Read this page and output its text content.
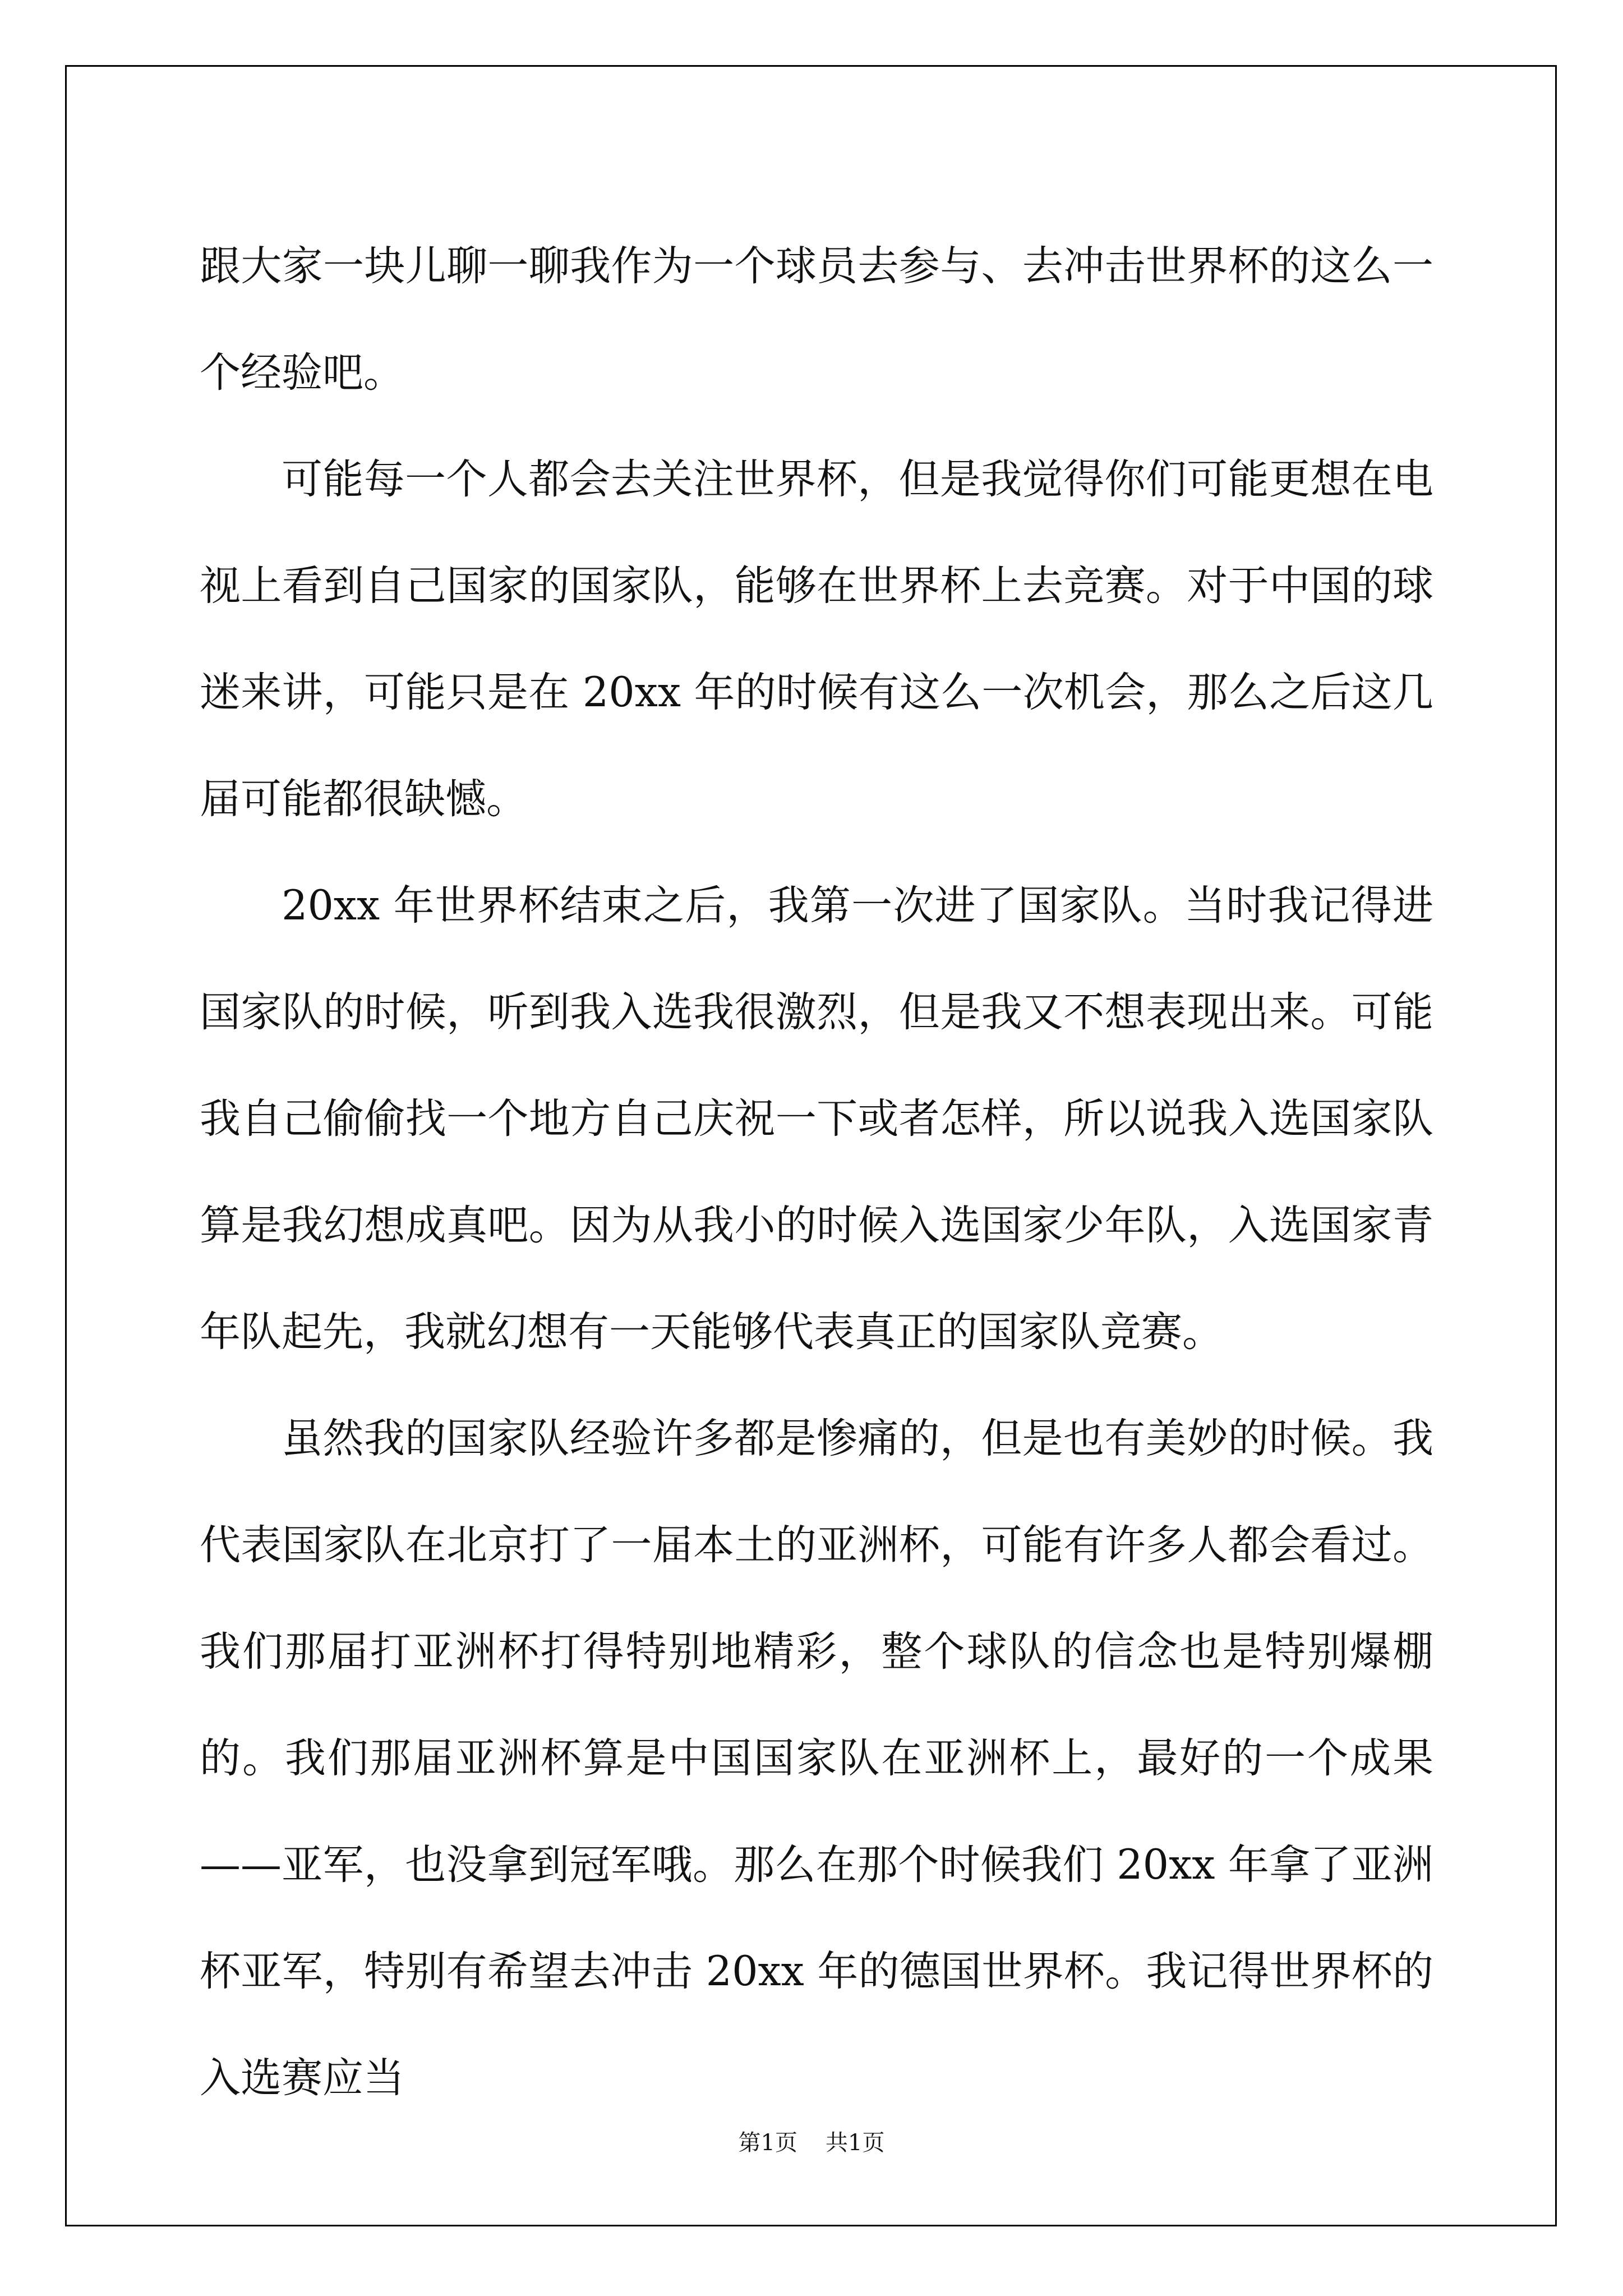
跟大家一块儿聊一聊我作为一个球员去参与、去冲击世界杯的这么一个经验吧。

可能每一个人都会去关注世界杯，但是我觉得你们可能更想在电视上看到自己国家的国家队，能够在世界杯上去竞赛。对于中国的球迷来讲，可能只是在 20xx 年的时候有这么一次机会，那么之后这几届可能都很缺憾。

20xx 年世界杯结束之后，我第一次进了国家队。当时我记得进国家队的时候，听到我入选我很激烈，但是我又不想表现出来。可能我自己偷偷找一个地方自己庆祝一下或者怎样，所以说我入选国家队算是我幻想成真吧。因为从我小的时候入选国家少年队，入选国家青年队起先，我就幻想有一天能够代表真正的国家队竞赛。

虽然我的国家队经验许多都是惨痛的，但是也有美妙的时候。我代表国家队在北京打了一届本土的亚洲杯，可能有许多人都会看过。我们那届打亚洲杯打得特别地精彩，整个球队的信念也是特别爆棚的。我们那届亚洲杯算是中国国家队在亚洲杯上，最好的一个成果——亚军，也没拿到冠军哦。那么在那个时候我们 20xx 年拿了亚洲杯亚军，特别有希望去冲击 20xx 年的德国世界杯。我记得世界杯的入选赛应当

第1页 共1页
